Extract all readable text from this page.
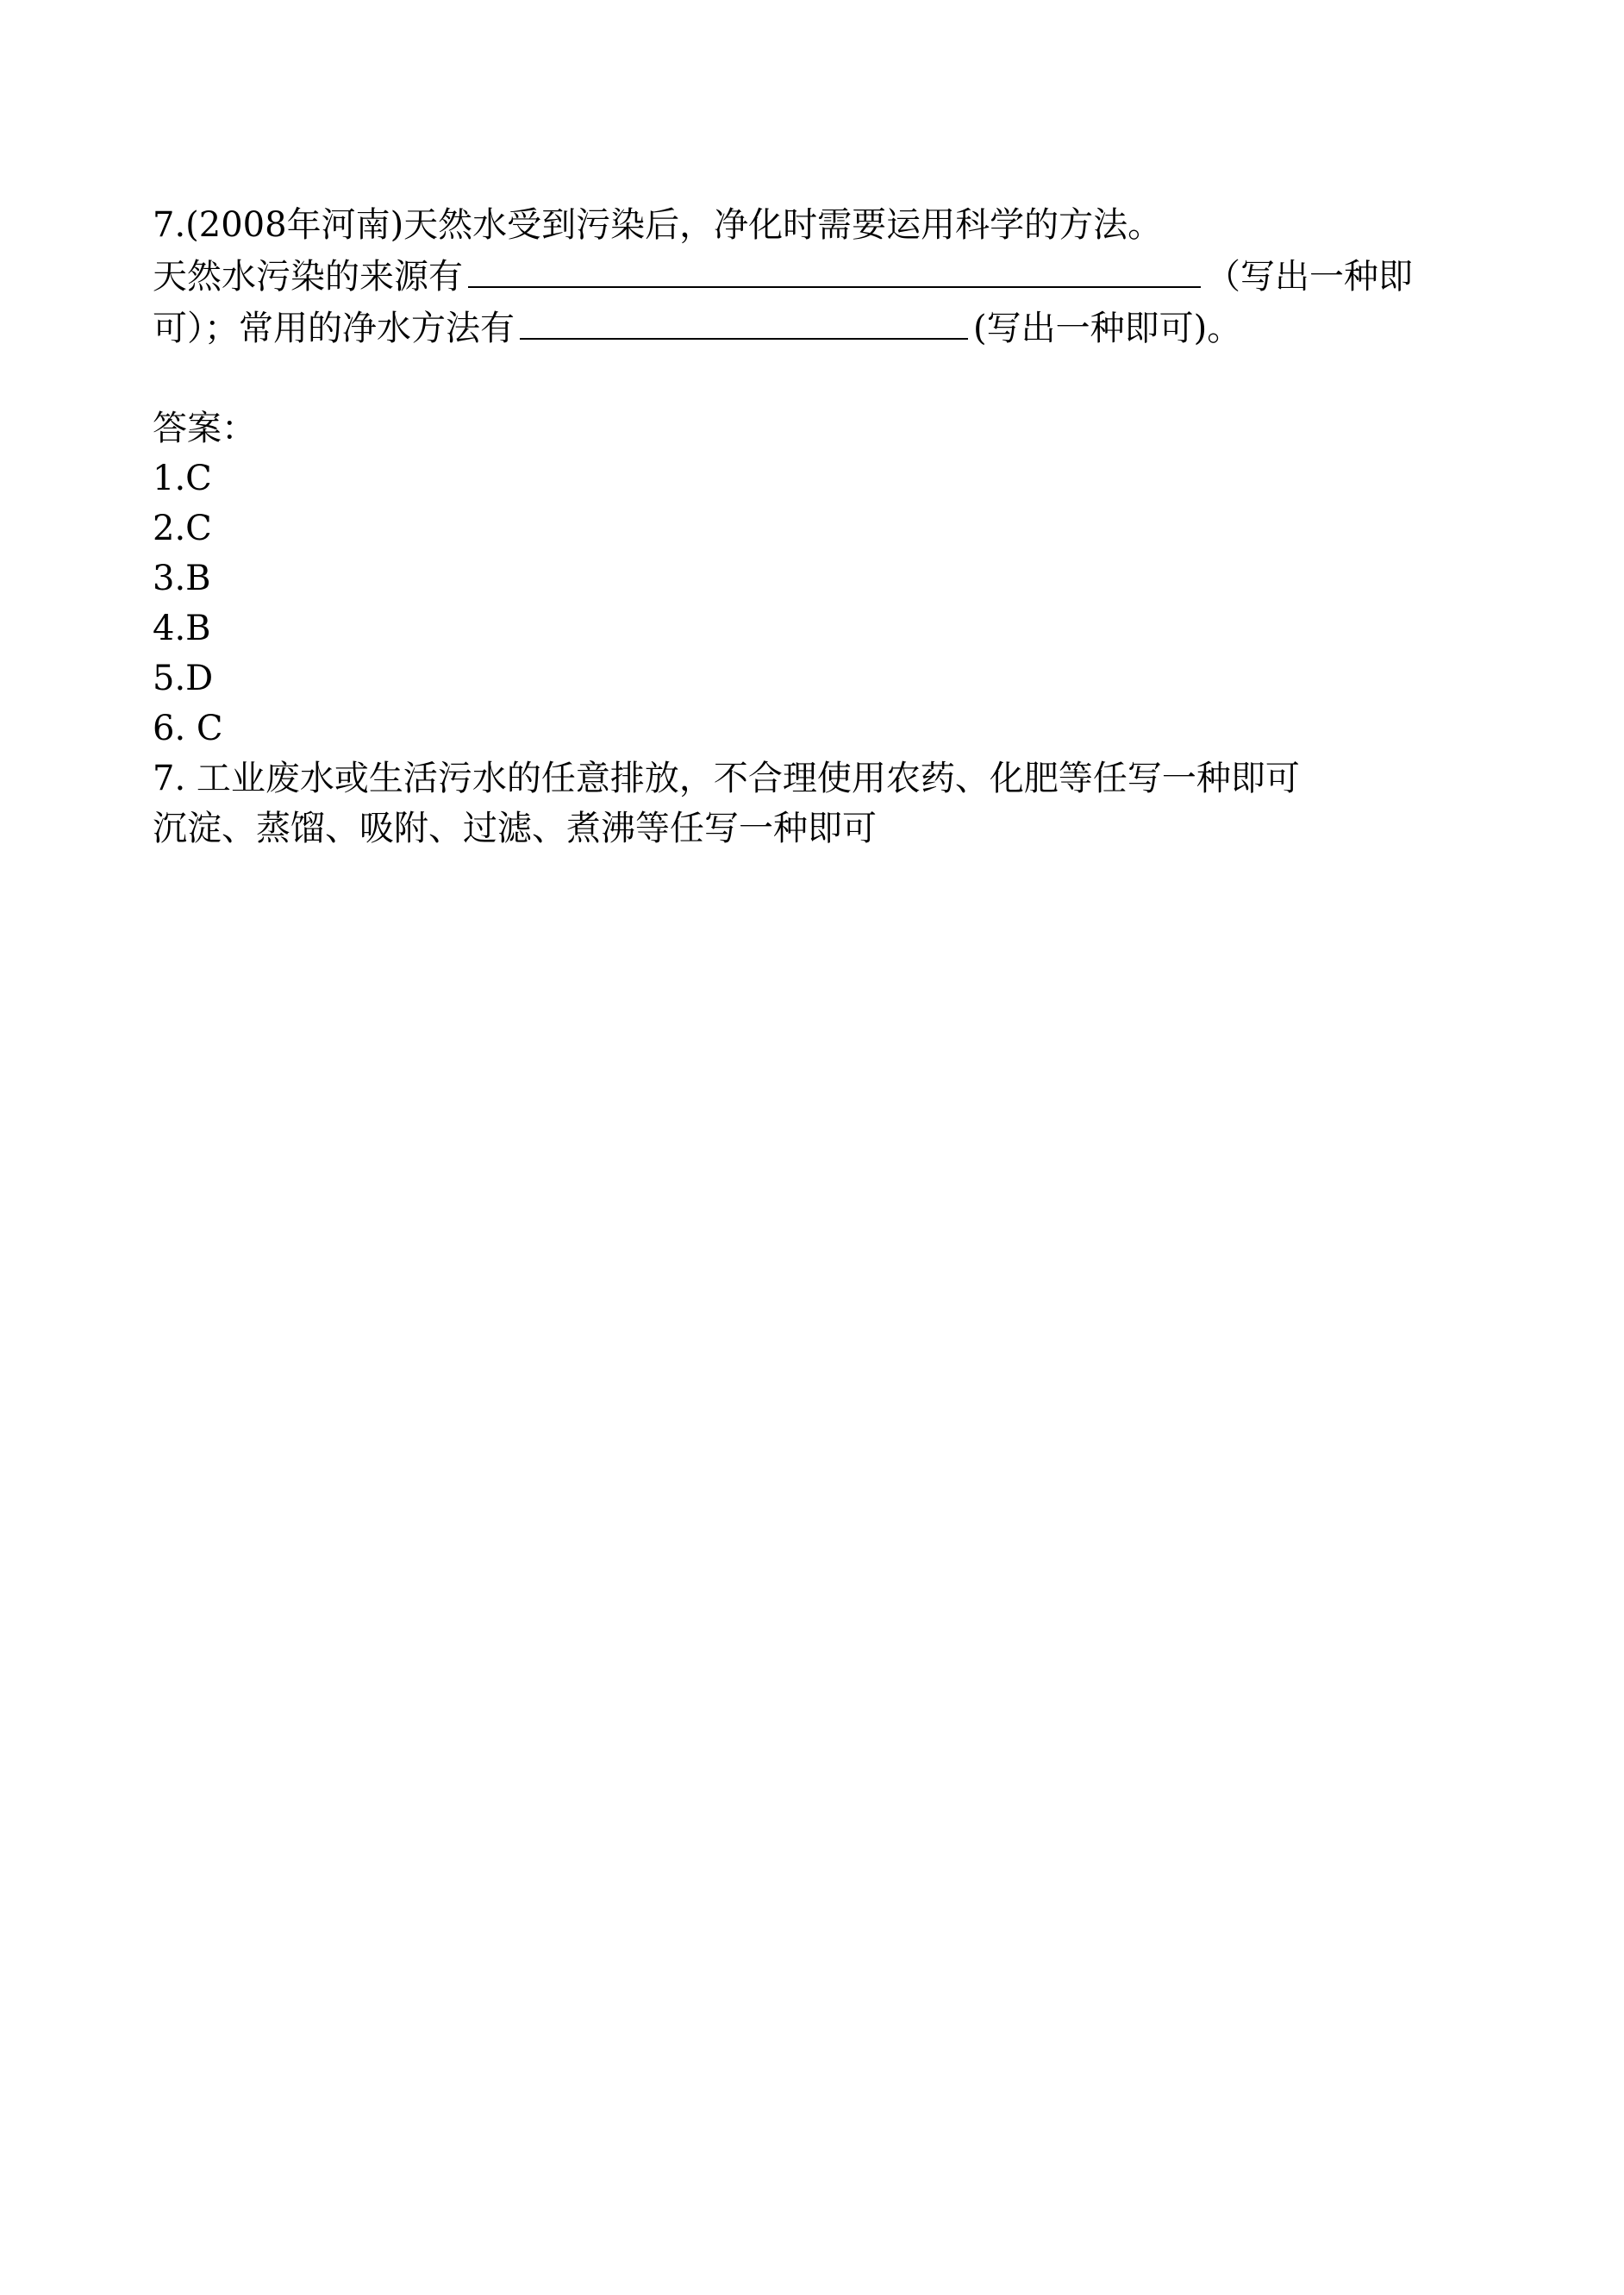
7.(2008年河南)天然水受到污染后，净化时需要运用科学的方法。
天然水污染的来源有	（写出一种即
可）；常用的净水方法有	(写出一种即可)。
答案：
1.C
2.C
3.B
4.B
5.D
6. C
7. 工业废水或生活污水的任意排放，不合理使用农药、化肥等任写一种即可
沉淀、蒸馏、吸附、过滤、煮沸等任写一种即可
